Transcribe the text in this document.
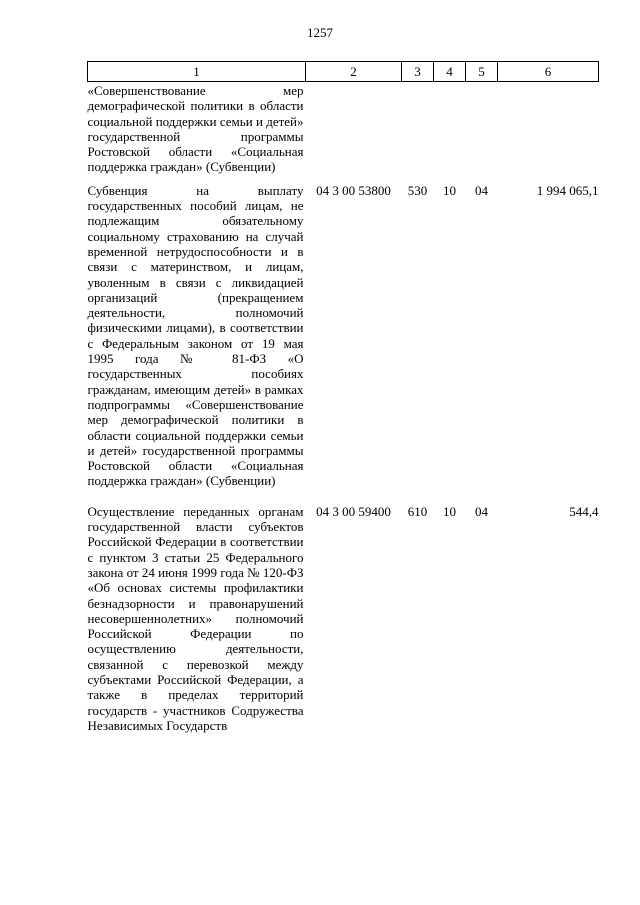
1257
1	2	3	4	5	6
«Совершенствование мер демографической политики в области социальной поддержки семьи и детей» государственной программы Ростовской области «Социальная поддержка граждан» (Субвенции)					
Субвенция на выплату государственных пособий лицам, не подлежащим обязательному социальному страхованию на случай временной нетрудоспособности и в связи с материнством, и лицам, уволенным в связи с ликвидацией организаций (прекращением деятельности, полномочий физическими лицами), в соответствии с Федеральным законом от 19 мая 1995 года № 81-ФЗ «О государственных пособиях гражданам, имеющим детей» в рамках подпрограммы «Совершенствование мер демографической политики в области социальной поддержки семьи и детей» государственной программы Ростовской области «Социальная поддержка граждан» (Субвенции)	04 3 00 53800	530	10	04	1 994 065,1
Осуществление переданных органам государственной власти субъектов Российской Федерации в соответствии с пунктом 3 статьи 25 Федерального закона от 24 июня 1999 года № 120-ФЗ «Об основах системы профилактики безнадзорности и правонарушений несовершеннолетних» полномочий Российской Федерации по осуществлению деятельности, связанной с перевозкой между субъектами Российской Федерации, а также в пределах территорий государств - участников Содружества Независимых Государств	04 3 00 59400	610	10	04	544,4
